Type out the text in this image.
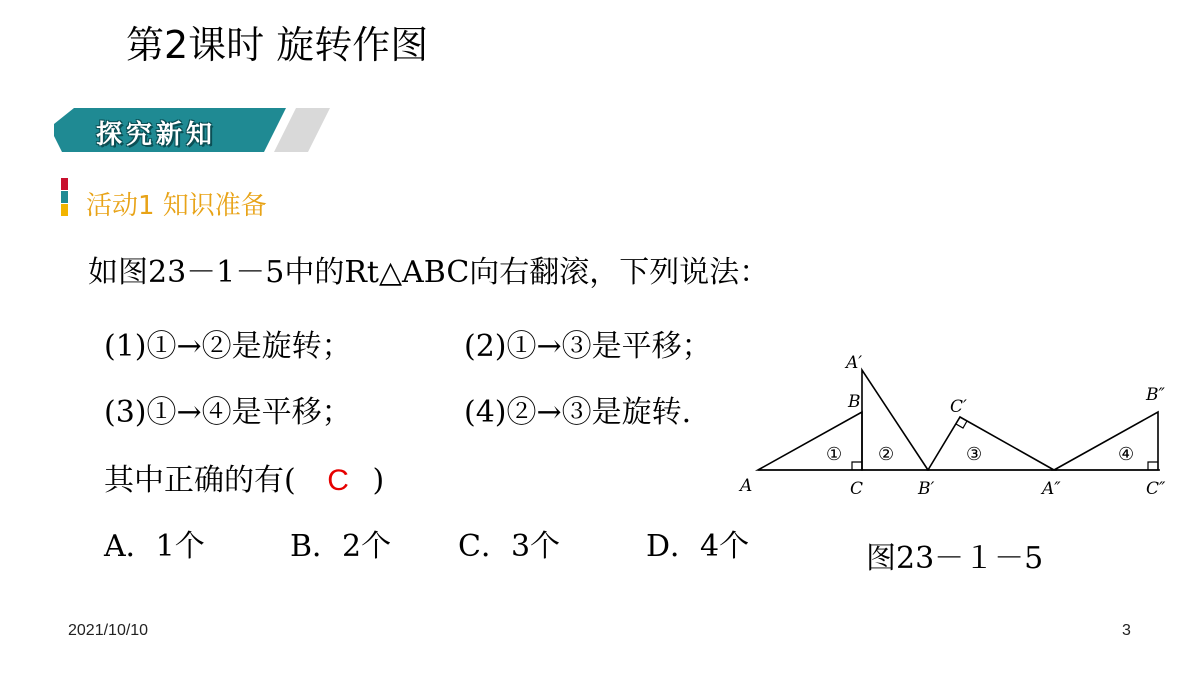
第2课时 旋转作图
探究新知
活动1 知识准备
如图23－1－5中的Rt△ABC向右翻滚，下列说法：
(1)①→②是旋转；	(2)①→③是平移；
(3)①→④是平移；	(4)②→③是旋转.
其中正确的有( C )
A．1个	B．2个 C．3个	D．4个
A
B
C
A′
B′
C′
A″
B″
C″
① ②	③	④
图23－１－5
2021/10/10	3
